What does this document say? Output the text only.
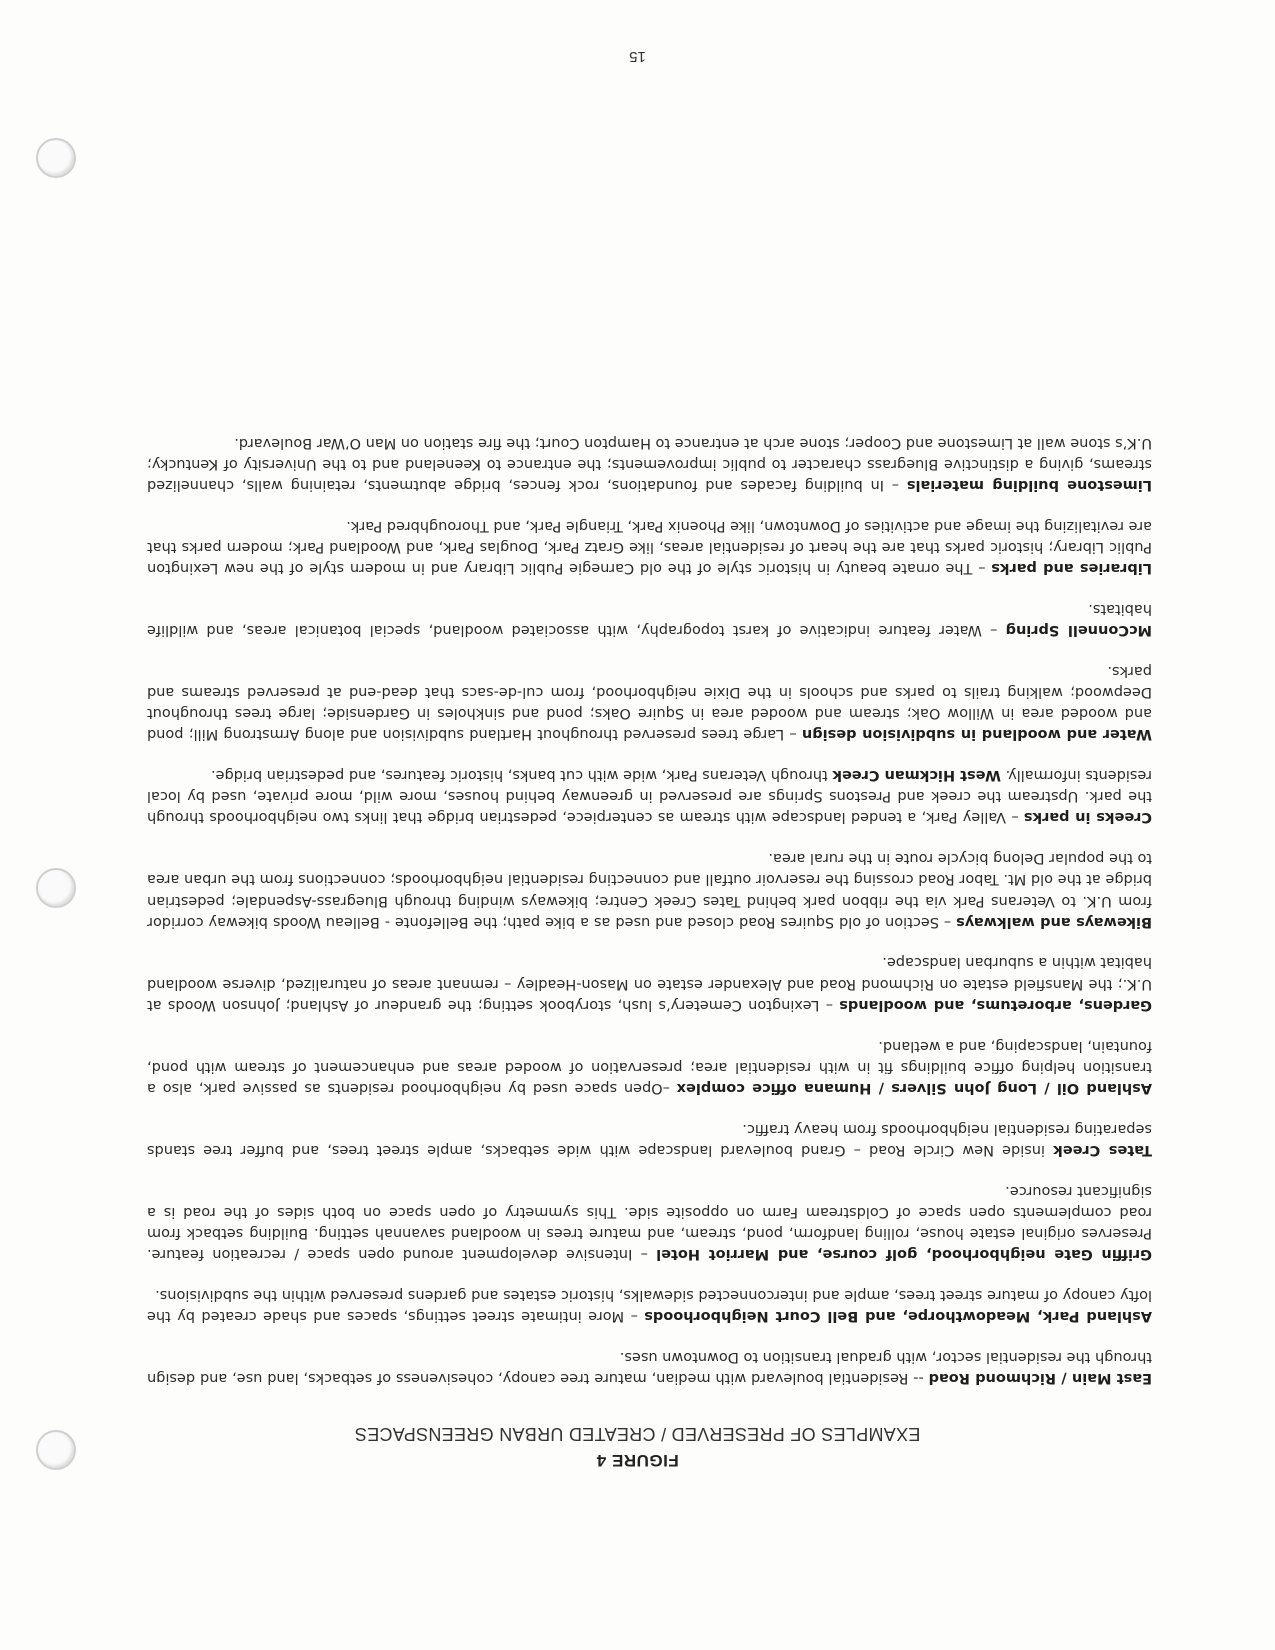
FIGURE 4
EXAMPLES OF PRESERVED / CREATED URBAN GREENSPACES

East Main / Richmond Road -- Residential boulevard with median, mature tree canopy, cohesiveness of setbacks, land use, and design through the residential sector, with gradual transition to Downtown uses.

Ashland Park, Meadowthorpe, and Bell Court Neighborhoods – More intimate street settings, spaces and shade created by the lofty canopy of mature street trees, ample and interconnected sidewalks, historic estates and gardens preserved within the subdivisions.

Griffin Gate neighborhood, golf course, and Marriot Hotel – Intensive development around open space / recreation feature. Preserves original estate house, rolling landform, pond, stream, and mature trees in woodland savannah setting. Building setback from road complements open space of Coldstream Farm on opposite side. This symmetry of open space on both sides of the road is a significant resource.

Tates Creek inside New Circle Road – Grand boulevard landscape with wide setbacks, ample street trees, and buffer tree stands separating residential neighborhoods from heavy traffic.

Ashland Oil / Long John Silvers / Humana office complex –Open space used by neighborhood residents as passive park, also a transition helping office buildings fit in with residential area; preservation of wooded areas and enhancement of stream with pond, fountain, landscaping, and a wetland.

Gardens, arboretums, and woodlands – Lexington Cemetery’s lush, storybook setting; the grandeur of Ashland; Johnson Woods at U.K.; the Mansfield estate on Richmond Road and Alexander estate on Mason-Headley – remnant areas of naturalized, diverse woodland habitat within a suburban landscape.

Bikeways and walkways – Section of old Squires Road closed and used as a bike path; the Bellefonte - Belleau Woods bikeway corridor from U.K. to Veterans Park via the ribbon park behind Tates Creek Centre; bikeways winding through Bluegrass-Aspendale; pedestrian bridge at the old Mt. Tabor Road crossing the reservoir outfall and connecting residential neighborhoods; connections from the urban area to the popular Delong bicycle route in the rural area.

Creeks in parks – Valley Park, a tended landscape with stream as centerpiece, pedestrian bridge that links two neighborhoods through the park. Upstream the creek and Prestons Springs are preserved in greenway behind houses, more wild, more private, used by local residents informally. West Hickman Creek through Veterans Park, wide with cut banks, historic features, and pedestrian bridge.

Water and woodland in subdivision design – Large trees preserved throughout Hartland subdivision and along Armstrong Mill; pond and wooded area in Willow Oak; stream and wooded area in Squire Oaks; pond and sinkholes in Gardenside; large trees throughout Deepwood; walking trails to parks and schools in the Dixie neighborhood, from cul-de-sacs that dead-end at preserved streams and parks.

McConnell Spring – Water feature indicative of karst topography, with associated woodland, special botanical areas, and wildlife habitats.

Libraries and parks – The ornate beauty in historic style of the old Carnegie Public Library and in modern style of the new Lexington Public Library; historic parks that are the heart of residential areas, like Gratz Park, Douglas Park, and Woodland Park; modern parks that are revitalizing the image and activities of Downtown, like Phoenix Park, Triangle Park, and Thoroughbred Park.

Limestone building materials – In building facades and foundations, rock fences, bridge abutments, retaining walls, channelized streams, giving a distinctive Bluegrass character to public improvements; the entrance to Keeneland and to the University of Kentucky; U.K’s stone wall at Limestone and Cooper; stone arch at entrance to Hampton Court; the fire station on Man O’War Boulevard.

15
